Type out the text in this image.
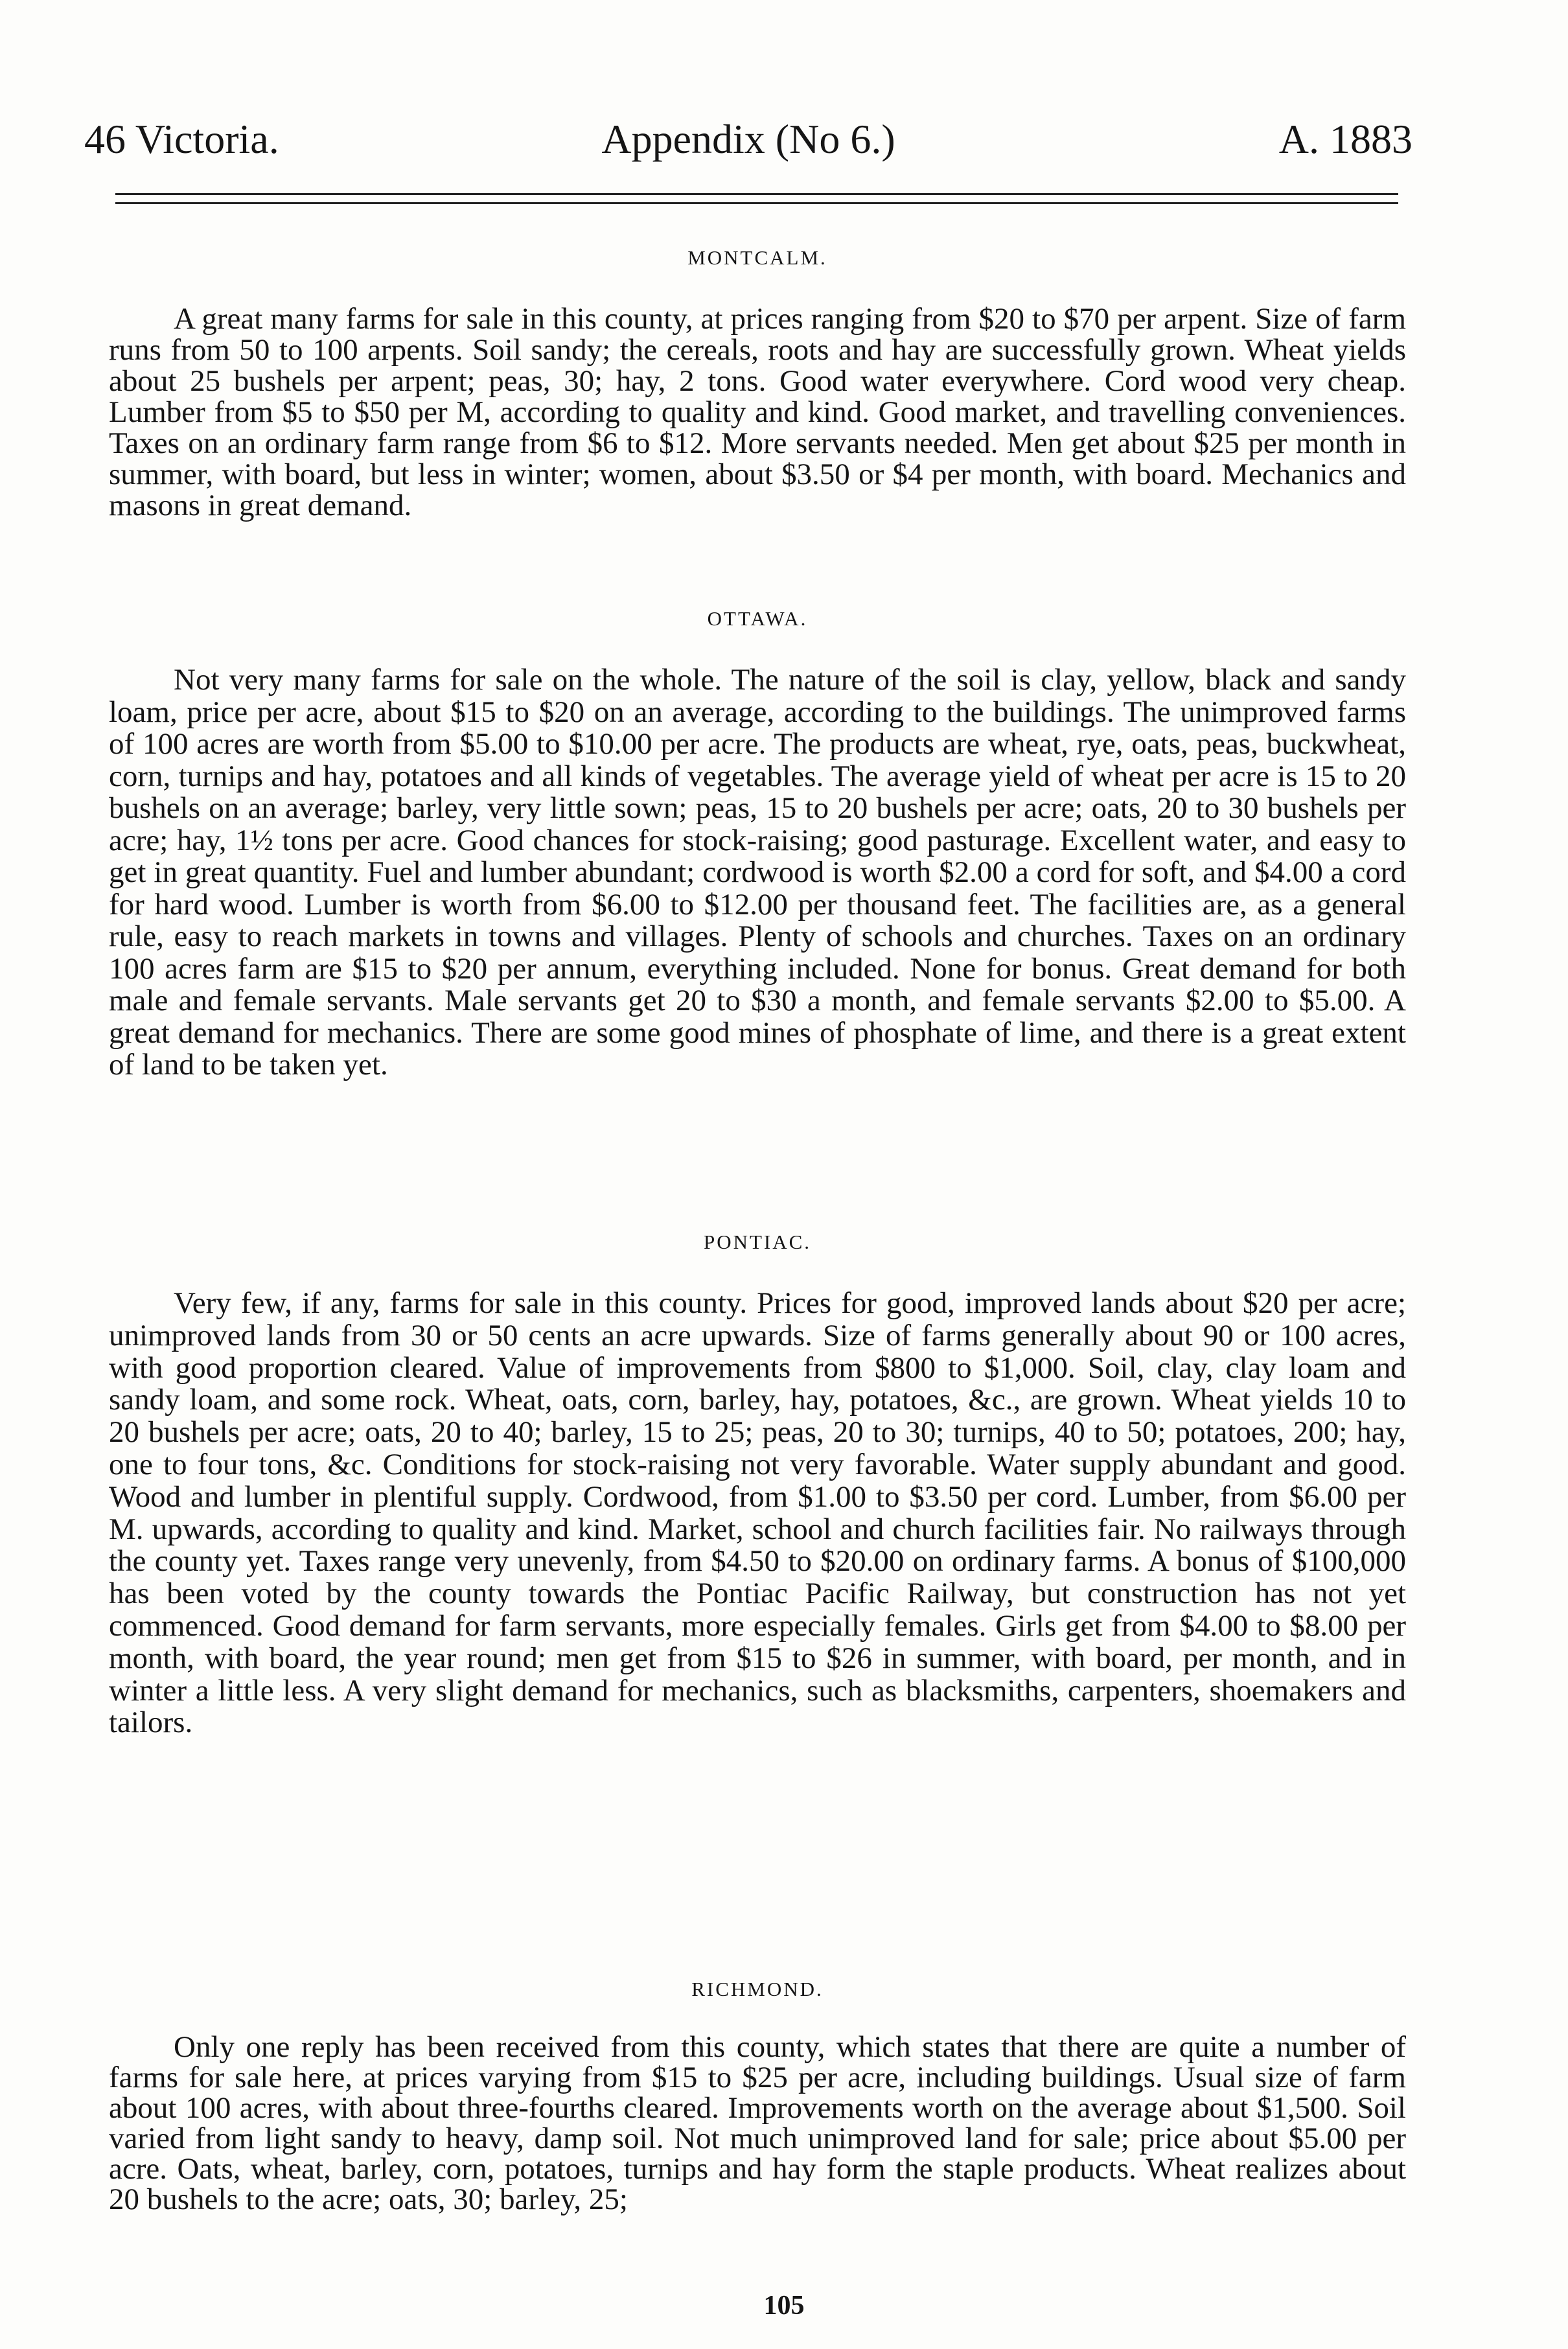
46 Victoria.	Appendix (No 6.)	A. 1883

MONTCALM.

A great many farms for sale in this county, at prices ranging from $20 to $70 per arpent. Size of farm runs from 50 to 100 arpents. Soil sandy; the cereals, roots and hay are successfully grown. Wheat yields about 25 bushels per arpent; peas, 30; hay, 2 tons. Good water everywhere. Cord wood very cheap. Lumber from $5 to $50 per M, according to quality and kind. Good market, and travelling conveniences. Taxes on an ordinary farm range from $6 to $12. More servants needed. Men get about $25 per month in summer, with board, but less in winter; women, about $3.50 or $4 per month, with board. Mechanics and masons in great demand.

OTTAWA.

Not very many farms for sale on the whole. The nature of the soil is clay, yellow, black and sandy loam, price per acre, about $15 to $20 on an average, according to the buildings. The unimproved farms of 100 acres are worth from $5.00 to $10.00 per acre. The products are wheat, rye, oats, peas, buckwheat, corn, turnips and hay, potatoes and all kinds of vegetables. The average yield of wheat per acre is 15 to 20 bushels on an average; barley, very little sown; peas, 15 to 20 bushels per acre; oats, 20 to 30 bushels per acre; hay, 1½ tons per acre. Good chances for stock-raising; good pasturage. Excellent water, and easy to get in great quantity. Fuel and lumber abundant; cordwood is worth $2.00 a cord for soft, and $4.00 a cord for hard wood. Lumber is worth from $6.00 to $12.00 per thousand feet. The facilities are, as a general rule, easy to reach markets in towns and villages. Plenty of schools and churches. Taxes on an ordinary 100 acres farm are $15 to $20 per annum, everything included. None for bonus. Great demand for both male and female servants. Male servants get 20 to $30 a month, and female servants $2.00 to $5.00. A great demand for mechanics. There are some good mines of phosphate of lime, and there is a great extent of land to be taken yet.

PONTIAC.

Very few, if any, farms for sale in this county. Prices for good, improved lands about $20 per acre; unimproved lands from 30 or 50 cents an acre upwards. Size of farms generally about 90 or 100 acres, with good proportion cleared. Value of improvements from $800 to $1,000. Soil, clay, clay loam and sandy loam, and some rock. Wheat, oats, corn, barley, hay, potatoes, &c., are grown. Wheat yields 10 to 20 bushels per acre; oats, 20 to 40; barley, 15 to 25; peas, 20 to 30; turnips, 40 to 50; potatoes, 200; hay, one to four tons, &c. Conditions for stock-raising not very favorable. Water supply abundant and good. Wood and lumber in plentiful supply. Cordwood, from $1.00 to $3.50 per cord. Lumber, from $6.00 per M. upwards, according to quality and kind. Market, school and church facilities fair. No railways through the county yet. Taxes range very unevenly, from $4.50 to $20.00 on ordinary farms. A bonus of $100,000 has been voted by the county towards the Pontiac Pacific Railway, but construction has not yet commenced. Good demand for farm servants, more especially females. Girls get from $4.00 to $8.00 per month, with board, the year round; men get from $15 to $26 in summer, with board, per month, and in winter a little less. A very slight demand for mechanics, such as blacksmiths, carpenters, shoemakers and tailors.

RICHMOND.

Only one reply has been received from this county, which states that there are quite a number of farms for sale here, at prices varying from $15 to $25 per acre, including buildings. Usual size of farm about 100 acres, with about three-fourths cleared. Improvements worth on the average about $1,500. Soil varied from light sandy to heavy, damp soil. Not much unimproved land for sale; price about $5.00 per acre. Oats, wheat, barley, corn, potatoes, turnips and hay form the staple products. Wheat realizes about 20 bushels to the acre; oats, 30; barley, 25;

105
